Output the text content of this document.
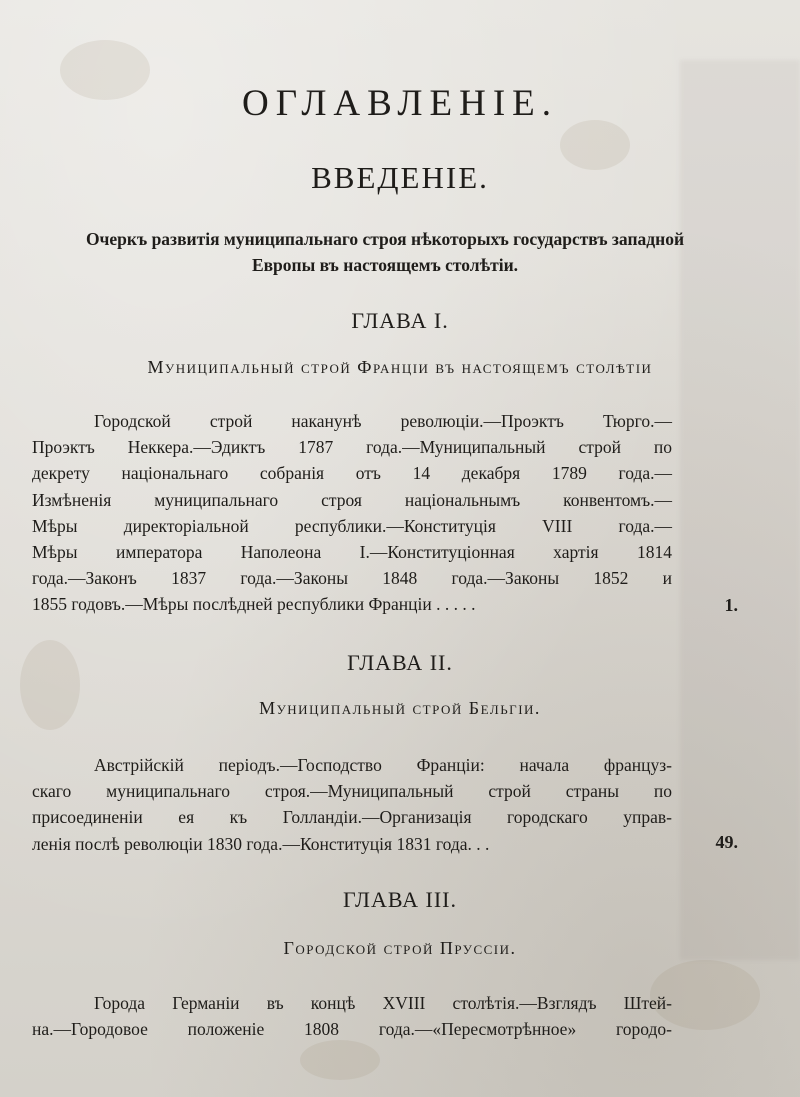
ОГЛАВЛЕНІЕ.
ВВЕДЕНІЕ.
Очеркъ развитія муниципальнаго строя нѣкоторыхъ государствъ западной
Европы въ настоящемъ столѣтіи.
ГЛАВА I.
Муниципальный строй Франціи въ настоящемъ столѣтіи
Городской строй наканунѣ революціи.—Проэктъ Тюрго.—
Проэктъ Неккера.—Эдиктъ 1787 года.—Муниципальный строй по
декрету національнаго собранія отъ 14 декабря 1789 года.—
Измѣненія муниципальнаго строя національнымъ конвентомъ.—
Мѣры директоріальной республики.—Конституція VIII года.—
Мѣры императора Наполеона I.—Конституціонная хартія 1814
года.—Законъ 1837 года.—Законы 1848 года.—Законы 1852 и
1855 годовъ.—Мѣры послѣдней республики Франціи . . . . .	1.
ГЛАВА II.
Муниципальный строй Бельгіи.
Австрійскій періодъ.—Господство Франціи: начала француз-
скаго муниципальнаго строя.—Муниципальный строй страны по
присоединеніи ея къ Голландіи.—Организація городскаго управ-
ленія послѣ революціи 1830 года.—Конституція 1831 года. . .	49.
ГЛАВА III.
Городской строй Пруссіи.
Города Германіи въ концѣ XVIII столѣтія.—Взглядъ Штей-
на.—Городовое положеніе 1808 года.—«Пересмотрѣнное» городо-
